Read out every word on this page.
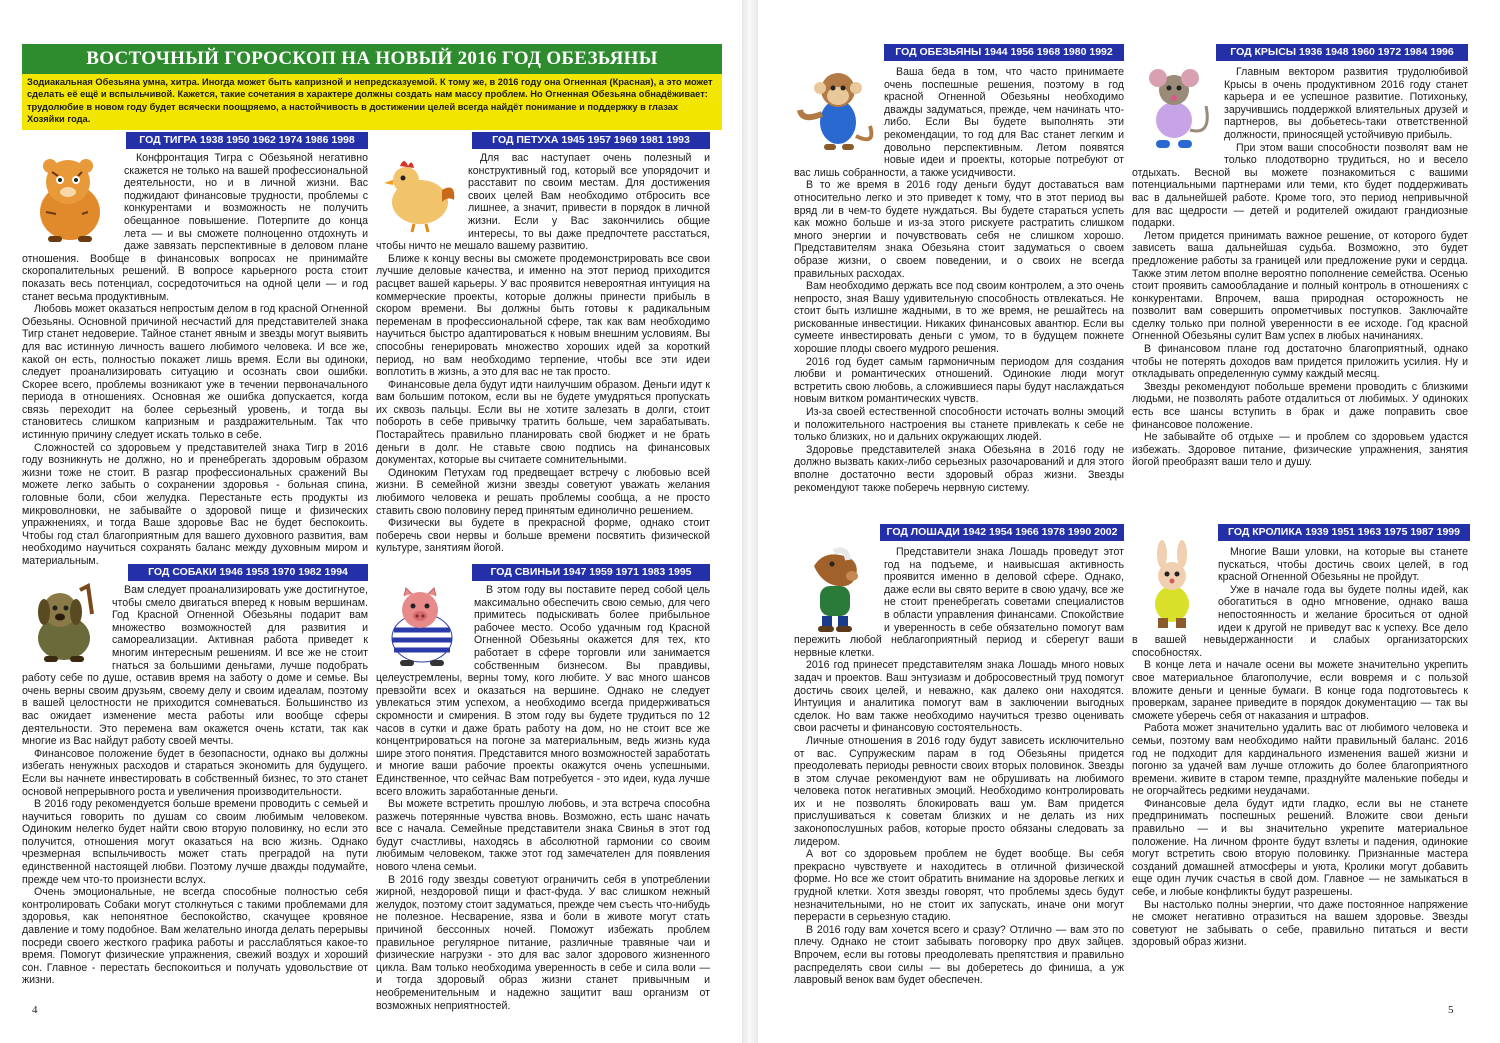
ВОСТОЧНЫЙ ГОРОСКОП НА НОВЫЙ 2016 ГОД ОБЕЗЬЯНЫ
Зодиакальная Обезьяна умна, хитра. Иногда может быть капризной и непредсказуемой. К тому же, в 2016 году она Огненная (Красная), а это может сделать её ещё и вспыльчивой. Кажется, такие сочетания в характере должны создать нам массу проблем. Но Огненная Обезьяна обнадёживает: трудолюбие в новом году будет всячески поощряемо, а настойчивость в достижении целей всегда найдёт понимание и поддержку в глазах Хозяйки года.
ГОД ТИГРА 1938 1950 1962 1974 1986 1998

Конфронтация Тигра с Обезьяной негативно скажется не только на вашей профессиональной деятельности, но и в личной жизни. Вас поджидают финансовые трудности, проблемы с конкурентами и возможность не получить обещанное повышение. Потерпите до конца лета — и вы сможете полноценно отдохнуть и даже завязать перспективные в деловом плане отношения. Вообще в финансовых вопросах не принимайте скоропалительных решений. В вопросе карьерного роста стоит показать весь потенциал, сосредоточиться на одной цели — и год станет весьма продуктивным.

Любовь может оказаться непростым делом в год красной Огненной Обезьяны. Основной причиной несчастий для представителей знака Тигр станет недоверие. Тайное станет явным и звезды могут выявить для вас истинную личность вашего любимого человека. И все же, какой он есть, полностью покажет лишь время. Если вы одиноки, следует проанализировать ситуацию и осознать свои ошибки. Скорее всего, проблемы возникают уже в течении первоначального периода в отношениях. Основная же ошибка допускается, когда связь переходит на более серьезный уровень, и тогда вы становитесь слишком капризным и раздражительным. Так что истинную причину следует искать только в себе.

Сложностей со здоровьем у представителей знака Тигр в 2016 году возникнуть не должно, но и пренебрегать здоровым образом жизни тоже не стоит. В разгар профессиональных сражений Вы можете легко забыть о сохранении здоровья - больная спина, головные боли, сбои желудка. Перестаньте есть продукты из микроволновки, не забывайте о здоровой пище и физических упражнениях, и тогда Ваше здоровье Вас не будет беспокоить. Чтобы год стал благоприятным для вашего духовного развития, вам необходимо научиться сохранять баланс между духовным миром и материальным.

ГОД ПЕТУХА 1945 1957 1969 1981 1993

Для вас наступает очень полезный и конструктивный год, который все упорядочит и расставит по своим местам. Для достижения своих целей Вам необходимо отбросить все лишнее, а значит, привести в порядок в личной жизни. Если у Вас закончились общие интересы, то вы даже предпочтете расстаться, чтобы ничто не мешало вашему развитию.

Ближе к концу весны вы сможете продемонстрировать все свои лучшие деловые качества, и именно на этот период приходится расцвет вашей карьеры. У вас проявится невероятная интуиция на коммерческие проекты, которые должны принести прибыль в скором времени. Вы должны быть готовы к радикальным переменам в профессиональной сфере, так как вам необходимо научиться быстро адаптироваться к новым внешним условиям. Вы способны генерировать множество хороших идей за короткий период, но вам необходимо терпение, чтобы все эти идеи воплотить в жизнь, а это для вас не так просто.

Финансовые дела будут идти наилучшим образом. Деньги идут к вам большим потоком, если вы не будете умудряться пропускать их сквозь пальцы. Если вы не хотите залезать в долги, стоит побороть в себе привычку тратить больше, чем зарабатывать. Постарайтесь правильно планировать свой бюджет и не брать деньги в долг. Не ставьте свою подпись на финансовых документах, которые вы считаете сомнительными.

Одиноким Петухам год предвещает встречу с любовью всей жизни. В семейной жизни звезды советуют уважать желания любимого человека и решать проблемы сообща, а не просто ставить свою половину перед принятым единолично решением.

Физически вы будете в прекрасной форме, однако стоит поберечь свои нервы и больше времени посвятить физической культуре, занятиям йогой.

ГОД СОБАКИ 1946 1958 1970 1982 1994

Вам следует проанализировать уже достигнутое, чтобы смело двигаться вперед к новым вершинам. Год Красной Огненной Обезьяны подарит вам множество возможностей для развития и самореализации. Активная работа приведет к многим интересным решениям. И все же не стоит гнаться за большими деньгами, лучше подобрать работу себе по душе, оставив время на заботу о доме и семье. Вы очень верны своим друзьям, своему делу и своим идеалам, поэтому в вашей целостности не приходится сомневаться. Большинство из вас ожидает изменение места работы или вообще сферы деятельности. Это перемена вам окажется очень кстати, так как многие из Вас найдут работу своей мечты.

Финансовое положение будет в безопасности, однако вы должны избегать ненужных расходов и стараться экономить для будущего. Если вы начнете инвестировать в собственный бизнес, то это станет основой непрерывного роста и увеличения производительности.

В 2016 году рекомендуется больше времени проводить с семьей и научиться говорить по душам со своим любимым человеком. Одиноким нелегко будет найти свою вторую половинку, но если это получится, отношения могут оказаться на всю жизнь. Однако чрезмерная вспыльчивость может стать преградой на пути единственной настоящей любви. Поэтому лучше дважды подумайте, прежде чем что-то произнести вслух.

Очень эмоциональные, не всегда способные полностью себя контролировать Собаки могут столкнуться с такими проблемами для здоровья, как непонятное беспокойство, скачущее кровяное давление и тому подобное. Вам желательно иногда делать перерывы посреди своего жесткого графика работы и расслабляться какое-то время. Помогут физические упражнения, свежий воздух и хороший сон. Главное - перестать беспокоиться и получать удовольствие от жизни.

ГОД СВИНЬИ 1947 1959 1971 1983 1995

В этом году вы поставите перед собой цель максимально обеспечить свою семью, для чего примитесь подыскивать более прибыльное рабочее место. Особо удачным год Красной Огненной Обезьяны окажется для тех, кто работает в сфере торговли или занимается собственным бизнесом. Вы правдивы, целеустремлены, верны тому, кого любите. У вас много шансов превзойти всех и оказаться на вершине. Однако не следует увлекаться этим успехом, а необходимо всегда придерживаться скромности и смирения. В этом году вы будете трудиться по 12 часов в сутки и даже брать работу на дом, но не стоит все же концентрироваться на погоне за материальным, ведь жизнь куда шире этого понятия. Представится много возможностей заработать и многие ваши рабочие проекты окажутся очень успешными. Единственное, что сейчас Вам потребуется - это идеи, куда лучше всего вложить заработанные деньги.

Вы можете встретить прошлую любовь, и эта встреча способна разжечь потерянные чувства вновь. Возможно, есть шанс начать все с начала. Семейные представители знака Свинья в этот год будут счастливы, находясь в абсолютной гармонии со своим любимым человеком, также этот год замечателен для появления нового члена семьи.

В 2016 году звезды советуют ограничить себя в употреблении жирной, нездоровой пищи и фаст-фуда. У вас слишком нежный желудок, поэтому стоит задуматься, прежде чем съесть что-нибудь не полезное. Несварение, язва и боли в животе могут стать причиной бессонных ночей. Поможут избежать проблем правильное регулярное питание, различные травяные чаи и физические нагрузки - это для вас залог здорового жизненного цикла. Вам только необходима уверенность в себе и сила воли — и тогда здоровый образ жизни станет привычным и необременительным и надежно защитит ваш организм от возможных неприятностей.

4
ГОД ОБЕЗЬЯНЫ 1944 1956 1968 1980 1992

Ваша беда в том, что часто принимаете очень поспешные решения, поэтому в год красной Огненной Обезьяны необходимо дважды задуматься, прежде, чем начинать что-либо. Если Вы будете выполнять эти рекомендации, то год для Вас станет легким и довольно перспективным. Летом появятся новые идеи и проекты, которые потребуют от вас лишь собранности, а также усидчивости.

В то же время в 2016 году деньги будут доставаться вам относительно легко и это приведет к тому, что в этот период вы вряд ли в чем-то будете нуждаться. Вы будете стараться успеть как можно больше и из-за этого рискуете растратить слишком много энергии и почувствовать себя не слишком хорошо. Представителям знака Обезьяна стоит задуматься о своем образе жизни, о своем поведении, и о своих не всегда правильных расходах.

Вам необходимо держать все под своим контролем, а это очень непросто, зная Вашу удивительную способность отвлекаться. Не стоит быть излишне жадными, в то же время, не решайтесь на рискованные инвестиции. Никаких финансовых авантюр. Если вы сумеете инвестировать деньги с умом, то в будущем пожнете хорошие плоды своего мудрого решения.

2016 год будет самым гармоничным периодом для создания любви и романтических отношений. Одинокие люди могут встретить свою любовь, а сложившиеся пары будут наслаждаться новым витком романтических чувств.

Из-за своей естественной способности источать волны эмоций и положительного настроения вы станете привлекать к себе не только близких, но и дальних окружающих людей.

Здоровье представителей знака Обезьяна в 2016 году не должно вызвать каких-либо серьезных разочарований и для этого вполне достаточно вести здоровый образ жизни. Звезды рекомендуют также поберечь нервную систему.

ГОД КРЫСЫ 1936 1948 1960 1972 1984 1996

Главным вектором развития трудолюбивой Крысы в очень продуктивном 2016 году станет карьера и ее успешное развитие. Потихоньку, заручившись поддержкой влиятельных друзей и партнеров, вы добьетесь-таки ответственной должности, приносящей устойчивую прибыль.

При этом ваши способности позволят вам не только плодотворно трудиться, но и весело отдыхать. Весной вы можете познакомиться с вашими потенциальными партнерами или теми, кто будет поддерживать вас в дальнейшей работе. Кроме того, это период непривычной для вас щедрости — детей и родителей ожидают грандиозные подарки.

Летом придется принимать важное решение, от которого будет зависеть ваша дальнейшая судьба. Возможно, это будет предложение работы за границей или предложение руки и сердца. Также этим летом вполне вероятно пополнение семейства. Осенью стоит проявить самообладание и полный контроль в отношениях с конкурентами. Впрочем, ваша природная осторожность не позволит вам совершить опрометчивых поступков. Заключайте сделку только при полной уверенности в ее исходе. Год красной Огненной Обезьяны сулит Вам успех в любых начинаниях.

В финансовом плане год достаточно благоприятный, однако чтобы не потерять доходов вам придется приложить усилия. Ну и откладывать определенную сумму каждый месяц.

Звезды рекомендуют побольше времени проводить с близкими людьми, не позволять работе отдалиться от любимых. У одиноких есть все шансы вступить в брак и даже поправить свое финансовое положение.

Не забывайте об отдыхе — и проблем со здоровьем удастся избежать. Здоровое питание, физические упражнения, занятия йогой преобразят ваши тело и душу.

ГОД ЛОШАДИ 1942 1954 1966 1978 1990 2002

Представители знака Лошадь проведут этот год на подъеме, и наивысшая активность проявится именно в деловой сфере. Однако, даже если вы свято верите в свою удачу, все же не стоит пренебрегать советами специалистов в области управления финансами. Спокойствие и уверенность в себе обязательно помогут вам пережить любой неблагоприятный период и сберегут ваши нервные клетки.

2016 год принесет представителям знака Лошадь много новых задач и проектов. Ваш энтузиазм и добросовестный труд помогут достичь своих целей, и неважно, как далеко они находятся. Интуиция и аналитика помогут вам в заключении выгодных сделок. Но вам также необходимо научиться трезво оценивать свои расчеты и финансовую состоятельность.

Личные отношения в 2016 году будут зависеть исключительно от вас. Супружеским парам в год Обезьяны придется преодолевать периоды ревности своих вторых половинок. Звезды в этом случае рекомендуют вам не обрушивать на любимого человека поток негативных эмоций. Необходимо контролировать их и не позволять блокировать ваш ум. Вам придется прислушиваться к советам близких и не делать из них законопослушных рабов, которые просто обязаны следовать за лидером.

А вот со здоровьем проблем не будет вообще. Вы себя прекрасно чувствуете и находитесь в отличной физической форме. Но все же стоит обратить внимание на здоровье легких и грудной клетки. Хотя звезды говорят, что проблемы здесь будут незначительными, но не стоит их запускать, иначе они могут перерасти в серьезную стадию.

В 2016 году вам хочется всего и сразу? Отлично — вам это по плечу. Однако не стоит забывать поговорку про двух зайцев. Впрочем, если вы готовы преодолевать препятствия и правильно распределять свои силы — вы доберетесь до финиша, а уж лавровый венок вам будет обеспечен.

ГОД КРОЛИКА 1939 1951 1963 1975 1987 1999

Многие Ваши уловки, на которые вы станете пускаться, чтобы достичь своих целей, в год красной Огненной Обезьяны не пройдут.

Уже в начале года вы будете полны идей, как обогатиться в одно мгновение, однако ваша непостоянность и желание броситься от одной идеи к другой не приведут вас к успеху. Все дело в вашей невыдержанности и слабых организаторских способностях.

В конце лета и начале осени вы можете значительно укрепить свое материальное благополучие, если вовремя и с пользой вложите деньги и ценные бумаги. В конце года подготовьтесь к проверкам, заранее приведите в порядок документацию — так вы сможете уберечь себя от наказания и штрафов.

Работа может значительно удалить вас от любимого человека и семьи, поэтому вам необходимо найти правильный баланс. 2016 год не подходит для кардинального изменения вашей жизни и погоню за удачей вам лучше отложить до более благоприятного времени. живите в старом темпе, празднуйте маленькие победы и не огорчайтесь редкими неудачами.

Финансовые дела будут идти гладко, если вы не станете предпринимать поспешных решений. Вложите свои деньги правильно — и вы значительно укрепите материальное положение. На личном фронте будут взлеты и падения, одинокие могут встретить свою вторую половинку. Признанные мастера созданий домашней атмосферы и уюта, Кролики могут добавить еще один лучик счастья в свой дом. Главное — не замыкаться в себе, и любые конфликты будут разрешены.

Вы настолько полны энергии, что даже постоянное напряжение не сможет негативно отразиться на вашем здоровье. Звезды советуют не забывать о себе, правильно питаться и вести здоровый образ жизни.

5
